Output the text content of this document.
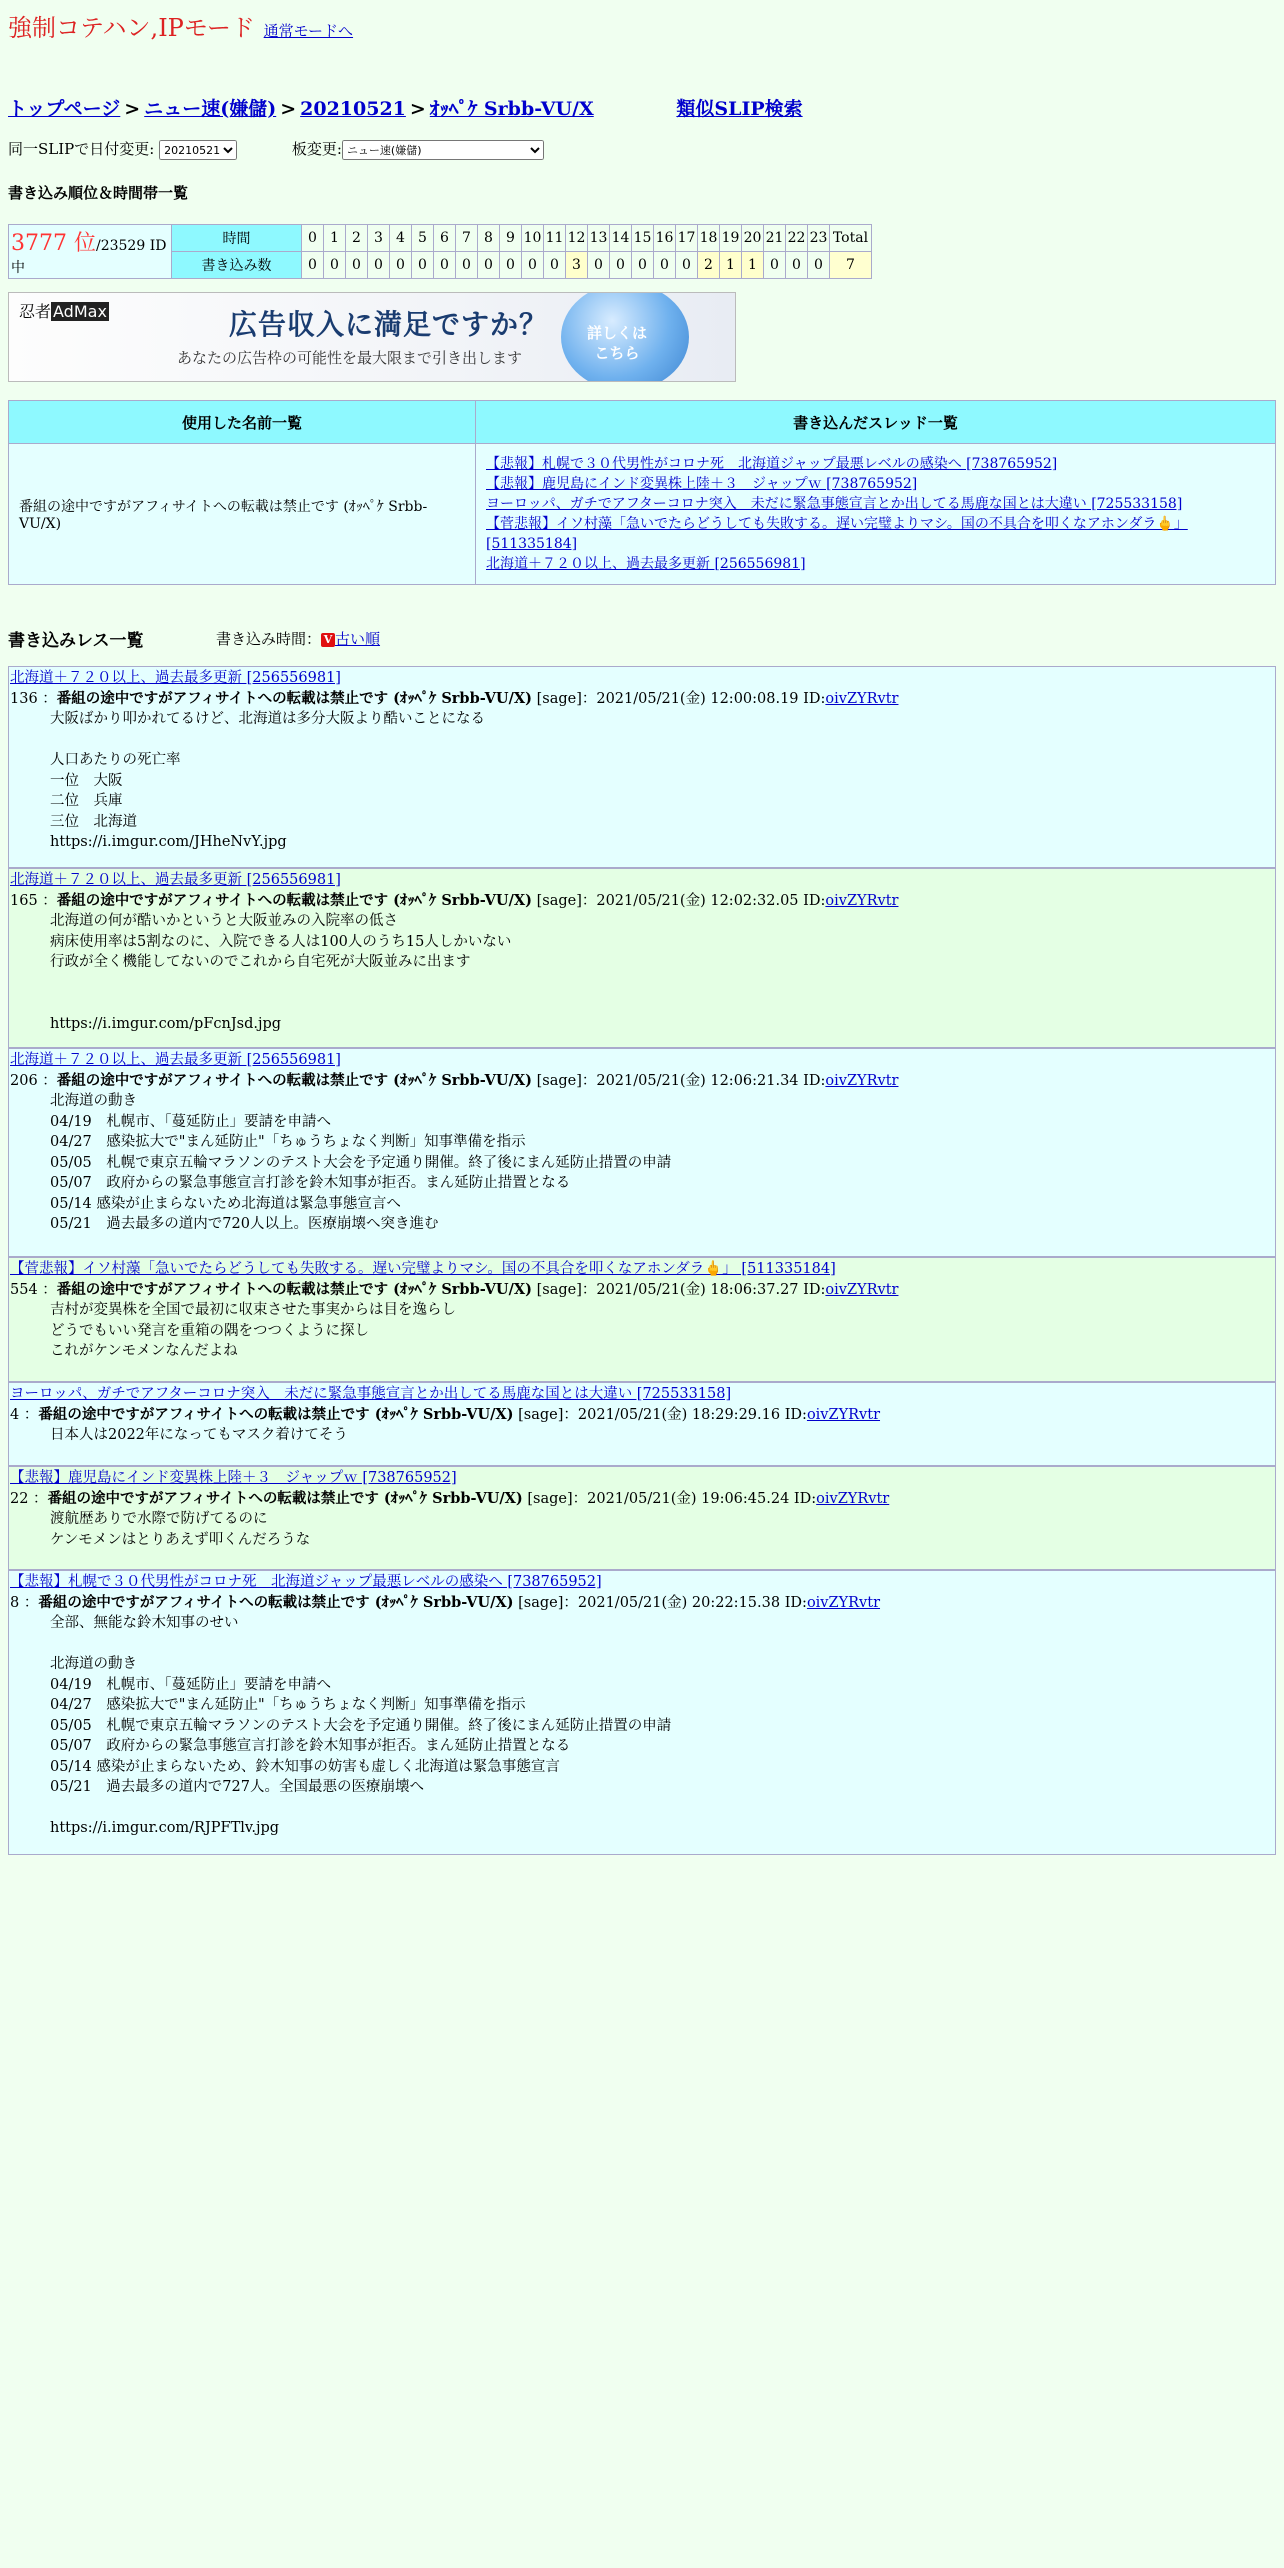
強制コテハン,IPモード 通常モードへ
トップページ > ニュー速(嫌儲) > 20210521 > ｵｯﾍﾟｹ Srbb-VU/X	類似SLIP検索
同一SLIPで日付変更:
20210521	板変更:
ニュー速(嫌儲)
書き込み順位＆時間帯一覧
3777 位/23529 ID中	時間	0	1	2	3	4	5	6	7	8	9	10	11	12	13	14	15	16	17	18	19	20	21	22	23	Total
	書き込み数	0	0	0	0	0	0	0	0	0	0	0	0	3	0	0	0	0	0	2	1	1	0	0	0	7
忍者 AdMax	広告収入に満足ですか？
あなたの広告枠の可能性を最大限まで引き出します
詳しくは
こちら
使用した名前一覧	書き込んだスレッド一覧
番組の途中ですがアフィサイトへの転載は禁止です (ｵｯﾍﾟｹ Srbb-VU/X)	【悲報】札幌で３０代男性がコロナ死　北海道ジャップ最悪レベルの感染へ [738765952]
【悲報】鹿児島にインド変異株上陸＋３　ジャップｗ [738765952]
ヨーロッパ、ガチでアフターコロナ突入　未だに緊急事態宣言とか出してる馬鹿な国とは大違い [725533158]
【菅悲報】イソ村藻「急いでたらどうしても失敗する。遅い完璧よりマシ。国の不具合を叩くなアホンダラ🖕」 [511335184]
北海道＋７２０以上、過去最多更新 [256556981]
書き込みレス一覧	書き込み時間： V 古い順
北海道＋７２０以上、過去最多更新 [256556981]
136 ：番組の途中ですがアフィサイトへの転載は禁止です (ｵｯﾍﾟｹ Srbb-VU/X) [sage]：2021/05/21(金) 12:00:08.19 ID:oivZYRvtr
大阪ばかり叩かれてるけど、北海道は多分大阪より酷いことになる

人口あたりの死亡率
一位　大阪
二位　兵庫
三位　北海道
https://i.imgur.com/JHheNvY.jpg
北海道＋７２０以上、過去最多更新 [256556981]
165 ：番組の途中ですがアフィサイトへの転載は禁止です (ｵｯﾍﾟｹ Srbb-VU/X) [sage]：2021/05/21(金) 12:02:32.05 ID:oivZYRvtr
北海道の何が酷いかというと大阪並みの入院率の低さ
病床使用率は5割なのに、入院できる人は100人のうち15人しかいない
行政が全く機能してないのでこれから自宅死が大阪並みに出ます

https://i.imgur.com/pFcnJsd.jpg
北海道＋７２０以上、過去最多更新 [256556981]
206 ：番組の途中ですがアフィサイトへの転載は禁止です (ｵｯﾍﾟｹ Srbb-VU/X) [sage]：2021/05/21(金) 12:06:21.34 ID:oivZYRvtr
北海道の動き
04/19　札幌市、「蔓延防止」要請を申請へ
04/27　感染拡大で"まん延防止"「ちゅうちょなく判断」知事準備を指示
05/05　札幌で東京五輪マラソンのテスト大会を予定通り開催。終了後にまん延防止措置の申請
05/07　政府からの緊急事態宣言打診を鈴木知事が拒否。まん延防止措置となる
05/14 感染が止まらないため北海道は緊急事態宣言へ
05/21　過去最多の道内で720人以上。医療崩壊へ突き進む
【菅悲報】イソ村藻「急いでたらどうしても失敗する。遅い完璧よりマシ。国の不具合を叩くなアホンダラ🖕」 [511335184]
554 ：番組の途中ですがアフィサイトへの転載は禁止です (ｵｯﾍﾟｹ Srbb-VU/X) [sage]：2021/05/21(金) 18:06:37.27 ID:oivZYRvtr
吉村が変異株を全国で最初に収束させた事実からは目を逸らし
どうでもいい発言を重箱の隅をつつくように探し
これがケンモメンなんだよね
ヨーロッパ、ガチでアフターコロナ突入　未だに緊急事態宣言とか出してる馬鹿な国とは大違い [725533158]
4 ：番組の途中ですがアフィサイトへの転載は禁止です (ｵｯﾍﾟｹ Srbb-VU/X) [sage]：2021/05/21(金) 18:29:29.16 ID:oivZYRvtr
日本人は2022年になってもマスク着けてそう
【悲報】鹿児島にインド変異株上陸＋３　ジャップｗ [738765952]
22 ：番組の途中ですがアフィサイトへの転載は禁止です (ｵｯﾍﾟｹ Srbb-VU/X) [sage]：2021/05/21(金) 19:06:45.24 ID:oivZYRvtr
渡航歴ありで水際で防げてるのに
ケンモメンはとりあえず叩くんだろうな
【悲報】札幌で３０代男性がコロナ死　北海道ジャップ最悪レベルの感染へ [738765952]
8 ：番組の途中ですがアフィサイトへの転載は禁止です (ｵｯﾍﾟｹ Srbb-VU/X) [sage]：2021/05/21(金) 20:22:15.38 ID:oivZYRvtr
全部、無能な鈴木知事のせい

北海道の動き
04/19　札幌市、「蔓延防止」要請を申請へ
04/27　感染拡大で"まん延防止"「ちゅうちょなく判断」知事準備を指示
05/05　札幌で東京五輪マラソンのテスト大会を予定通り開催。終了後にまん延防止措置の申請
05/07　政府からの緊急事態宣言打診を鈴木知事が拒否。まん延防止措置となる
05/14 感染が止まらないため、鈴木知事の妨害も虚しく北海道は緊急事態宣言
05/21　過去最多の道内で727人。全国最悪の医療崩壊へ

https://i.imgur.com/RJPFTlv.jpg
